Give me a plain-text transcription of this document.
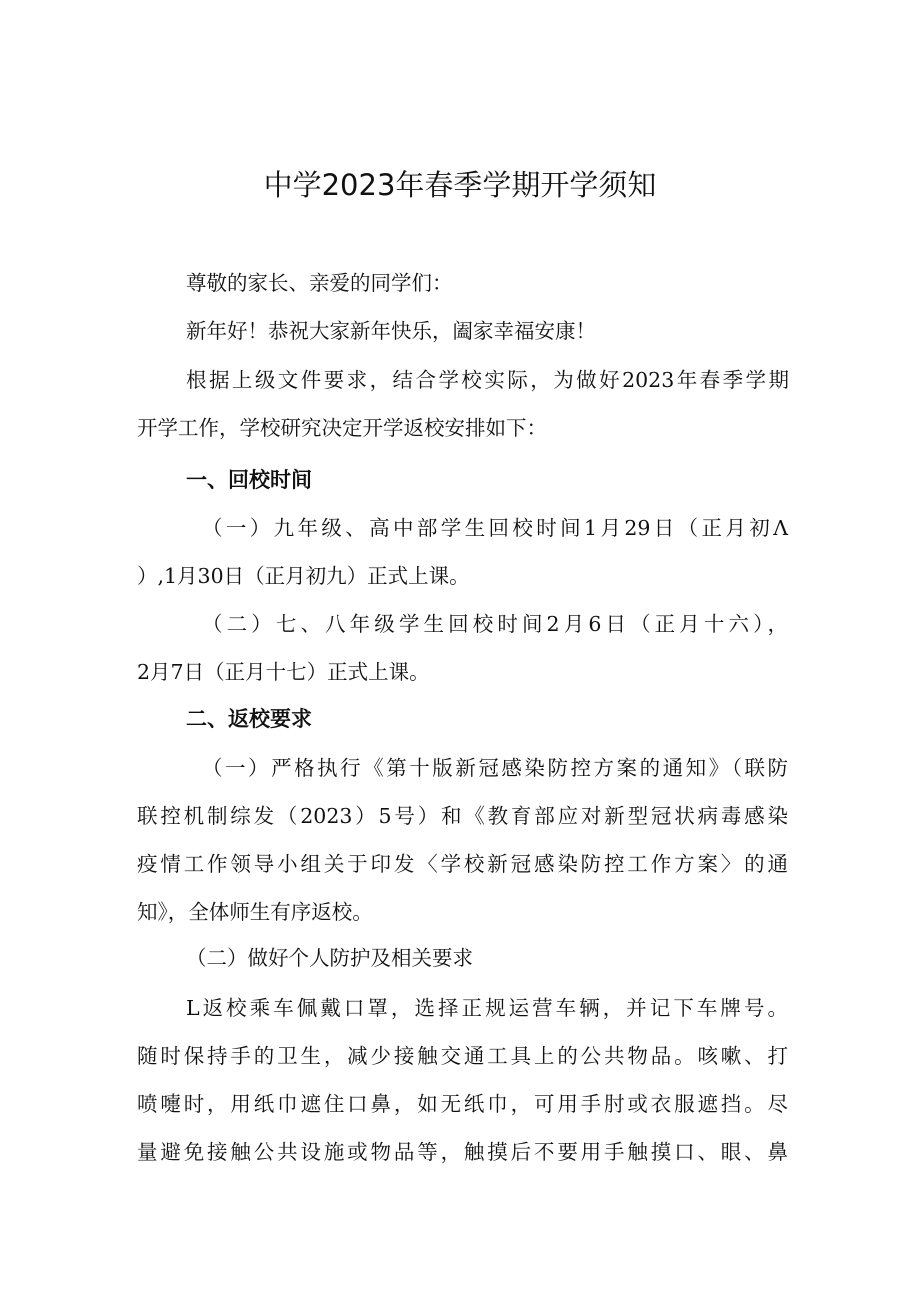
中学2023年春季学期开学须知

尊敬的家长、亲爱的同学们：

新年好！恭祝大家新年快乐，阖家幸福安康！

根据上级文件要求，结合学校实际，为做好2023年春季学期

开学工作，学校研究决定开学返校安排如下：

一、回校时间

（一）九年级、高中部学生回校时间1月29日（正月初Λ

）,1月30日（正月初九）正式上课。

（二）七、八年级学生回校时间2月6日（正月十六），

2月7日（正月十七）正式上课。

二、返校要求

（一）严格执行《第十版新冠感染防控方案的通知》（联防

联控机制综发（2023）5号）和《教育部应对新型冠状病毒感染

疫情工作领导小组关于印发〈学校新冠感染防控工作方案〉的通

知》，全体师生有序返校。

（二）做好个人防护及相关要求

L返校乘车佩戴口罩，选择正规运营车辆，并记下车牌号。

随时保持手的卫生，减少接触交通工具上的公共物品。咳嗽、打

喷嚏时，用纸巾遮住口鼻，如无纸巾，可用手肘或衣服遮挡。尽

量避免接触公共设施或物品等，触摸后不要用手触摸口、眼、鼻
